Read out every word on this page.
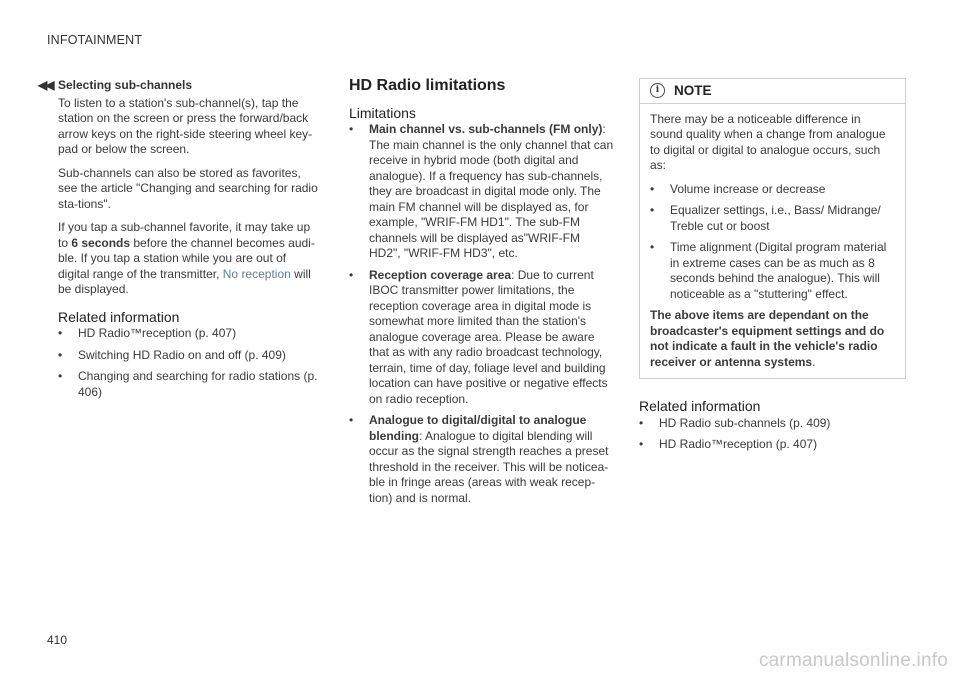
INFOTAINMENT
◀◀ Selecting sub-channels

To listen to a station's sub-channel(s), tap the station on the screen or press the forward/back arrow keys on the right-side steering wheel key-pad or below the screen.

Sub-channels can also be stored as favorites, see the article "Changing and searching for radio sta-tions".

If you tap a sub-channel favorite, it may take up to 6 seconds before the channel becomes audi-ble. If you tap a station while you are out of digital range of the transmitter, No reception will be displayed.

Related information
• HD Radio™reception (p. 407)
• Switching HD Radio on and off (p. 409)
• Changing and searching for radio stations (p. 406)
HD Radio limitations
Limitations
• Main channel vs. sub-channels (FM only): The main channel is the only channel that can receive in hybrid mode (both digital and analogue). If a frequency has sub-channels, they are broadcast in digital mode only. The main FM channel will be displayed as, for example, "WRIF-FM HD1". The sub-FM channels will be displayed as"WRIF-FM HD2", "WRIF-FM HD3", etc.
• Reception coverage area: Due to current IBOC transmitter power limitations, the reception coverage area in digital mode is somewhat more limited than the station's analogue coverage area. Please be aware that as with any radio broadcast technology, terrain, time of day, foliage level and building location can have positive or negative effects on radio reception.
• Analogue to digital/digital to analogue blending: Analogue to digital blending will occur as the signal strength reaches a preset threshold in the receiver. This will be noticea-ble in fringe areas (areas with weak recep-tion) and is normal.
i	NOTE

There may be a noticeable difference in sound quality when a change from analogue to digital or digital to analogue occurs, such as:

• Volume increase or decrease
• Equalizer settings, i.e., Bass/ Midrange/ Treble cut or boost
• Time alignment (Digital program material in extreme cases can be as much as 8 seconds behind the analogue). This will noticeable as a "stuttering" effect.

The above items are dependant on the broadcaster's equipment settings and do not indicate a fault in the vehicle's radio receiver or antenna systems.

Related information
• HD Radio sub-channels (p. 409)
• HD Radio™reception (p. 407)
410
carmanualsonline.info
